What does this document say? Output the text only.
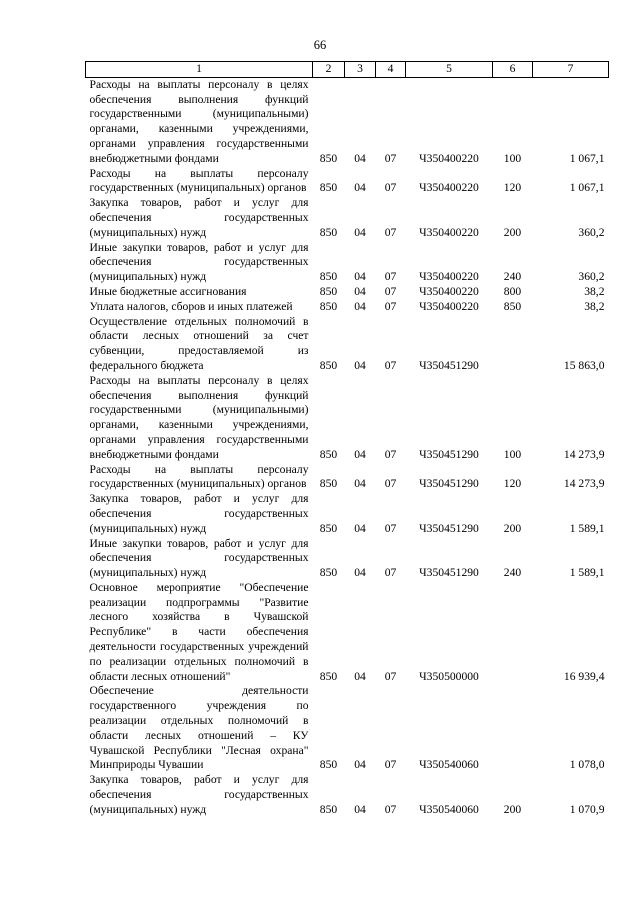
66
1	2	3	4	5	6	7
Расходы на выплаты персоналу в целях обеспечения выполнения функций государственными (муниципальными) органами, казенными учреждениями, органами управления государственными внебюджетными фондами	850	04	07	Ч350400220	100	1 067,1
Расходы на выплаты персоналу государственных (муниципальных) органов	850	04	07	Ч350400220	120	1 067,1
Закупка товаров, работ и услуг для обеспечения государственных (муниципальных) нужд	850	04	07	Ч350400220	200	360,2
Иные закупки товаров, работ и услуг для обеспечения государственных (муниципальных) нужд	850	04	07	Ч350400220	240	360,2
Иные бюджетные ассигнования	850	04	07	Ч350400220	800	38,2
Уплата налогов, сборов и иных платежей	850	04	07	Ч350400220	850	38,2
Осуществление отдельных полномочий в области лесных отношений за счет субвенции, предоставляемой из федерального бюджета	850	04	07	Ч350451290		15 863,0
Расходы на выплаты персоналу в целях обеспечения выполнения функций государственными (муниципальными) органами, казенными учреждениями, органами управления государственными внебюджетными фондами	850	04	07	Ч350451290	100	14 273,9
Расходы на выплаты персоналу государственных (муниципальных) органов	850	04	07	Ч350451290	120	14 273,9
Закупка товаров, работ и услуг для обеспечения государственных (муниципальных) нужд	850	04	07	Ч350451290	200	1 589,1
Иные закупки товаров, работ и услуг для обеспечения государственных (муниципальных) нужд	850	04	07	Ч350451290	240	1 589,1
Основное мероприятие "Обеспечение реализации подпрограммы "Развитие лесного хозяйства в Чувашской Республике" в части обеспечения деятельности государственных учреждений по реализации отдельных полномочий в области лесных отношений"	850	04	07	Ч350500000		16 939,4
Обеспечение деятельности государственного учреждения по реализации отдельных полномочий в области лесных отношений – КУ Чувашской Республики "Лесная охрана" Минприроды Чувашии	850	04	07	Ч350540060		1 078,0
Закупка товаров, работ и услуг для обеспечения государственных (муниципальных) нужд	850	04	07	Ч350540060	200	1 070,9
